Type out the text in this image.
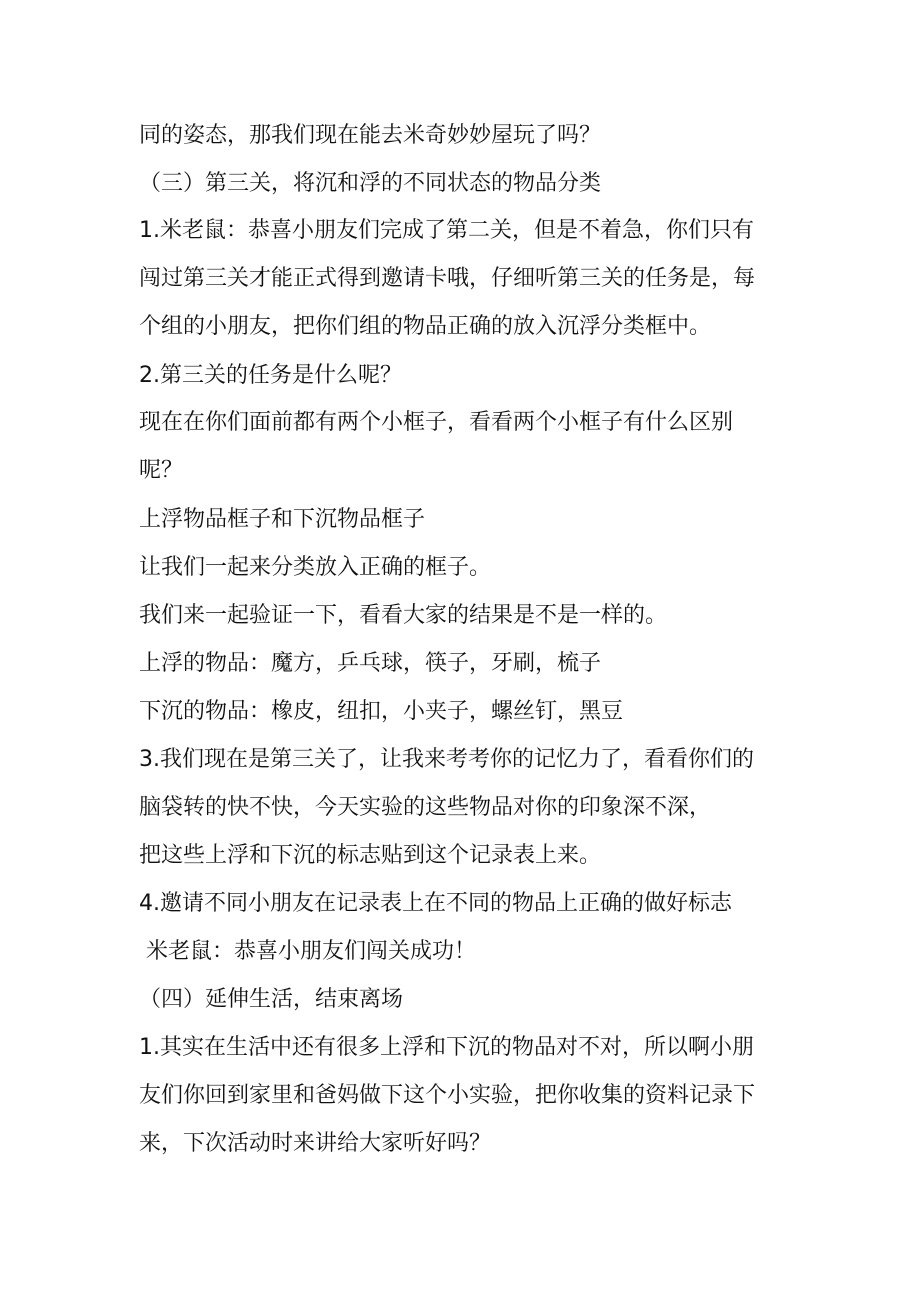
同的姿态，那我们现在能去米奇妙妙屋玩了吗？
（三）第三关，将沉和浮的不同状态的物品分类
1.米老鼠：恭喜小朋友们完成了第二关，但是不着急，你们只有
闯过第三关才能正式得到邀请卡哦，仔细听第三关的任务是，每
个组的小朋友，把你们组的物品正确的放入沉浮分类框中。
2.第三关的任务是什么呢？
现在在你们面前都有两个小框子，看看两个小框子有什么区别
呢？
上浮物品框子和下沉物品框子
让我们一起来分类放入正确的框子。
我们来一起验证一下，看看大家的结果是不是一样的。
上浮的物品：魔方，乒乓球，筷子，牙刷，梳子
下沉的物品：橡皮，纽扣，小夹子，螺丝钉，黑豆
3.我们现在是第三关了，让我来考考你的记忆力了，看看你们的
脑袋转的快不快，今天实验的这些物品对你的印象深不深，
把这些上浮和下沉的标志贴到这个记录表上来。
4.邀请不同小朋友在记录表上在不同的物品上正确的做好标志
米老鼠：恭喜小朋友们闯关成功！
（四）延伸生活，结束离场
1.其实在生活中还有很多上浮和下沉的物品对不对，所以啊小朋
友们你回到家里和爸妈做下这个小实验，把你收集的资料记录下
来，下次活动时来讲给大家听好吗？
